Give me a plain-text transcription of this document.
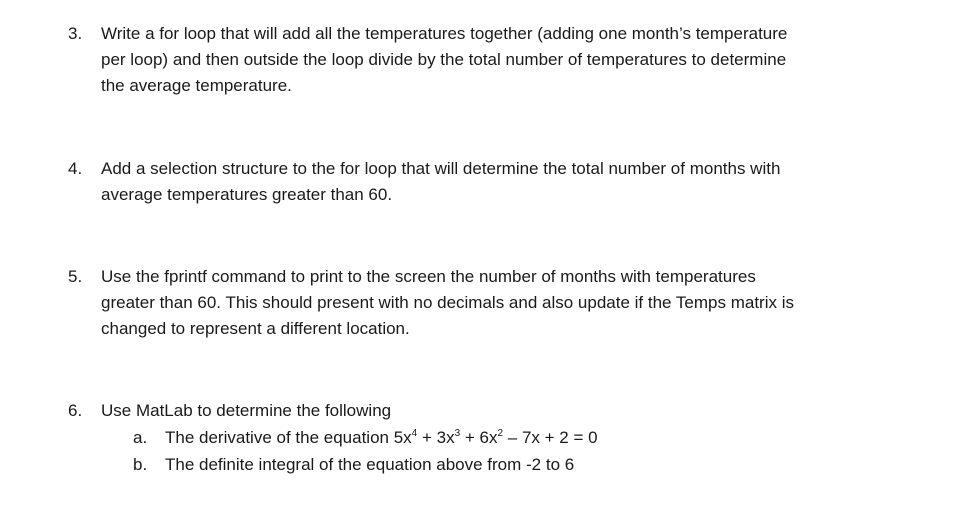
3.	Write a for loop that will add all the temperatures together (adding one month’s temperature
per loop) and then outside the loop divide by the total number of temperatures to determine
the average temperature.
4.	Add a selection structure to the for loop that will determine the total number of months with
average temperatures greater than 60.
5.	Use the fprintf command to print to the screen the number of months with temperatures
greater than 60. This should present with no decimals and also update if the Temps matrix is
changed to represent a different location.
6.	Use MatLab to determine the following
a.	The derivative of the equation $5x^4 + 3x^3 + 6x^2 - 7x + 2 = 0$
b.	The definite integral of the equation above from -2 to 6
